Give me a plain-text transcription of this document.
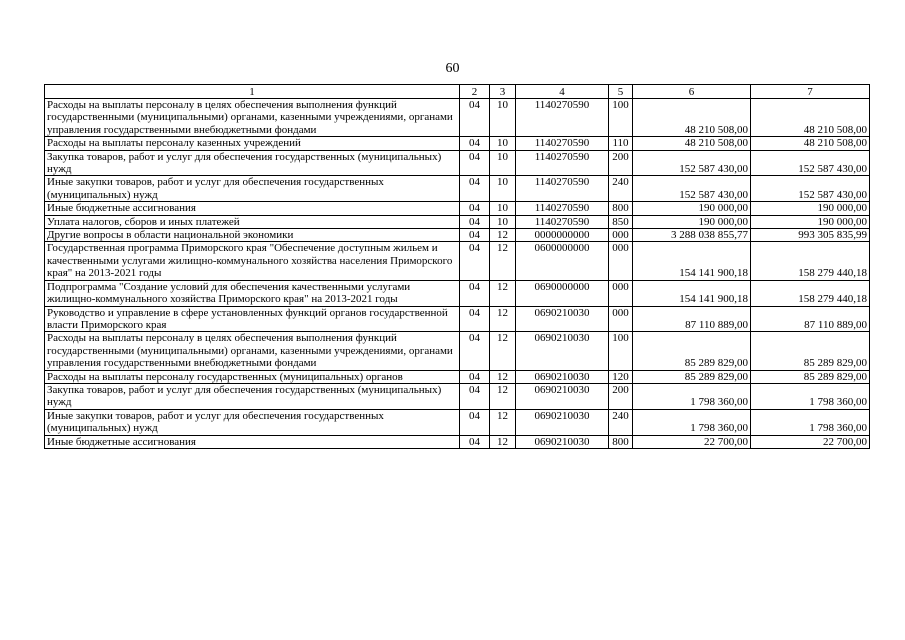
60
1	2	3	4	5	6	7
Расходы на выплаты персоналу в целях обеспечения выполнения функций государственными (муниципальными) органами, казенными учреждениями, органами управления государственными внебюджетными фондами	04	10	1140270590	100	48 210 508,00	48 210 508,00
Расходы на выплаты персоналу казенных учреждений	04	10	1140270590	110	48 210 508,00	48 210 508,00
Закупка товаров, работ и услуг для обеспечения государственных (муниципальных) нужд	04	10	1140270590	200	152 587 430,00	152 587 430,00
Иные закупки товаров, работ и услуг для обеспечения государственных (муниципальных) нужд	04	10	1140270590	240	152 587 430,00	152 587 430,00
Иные бюджетные ассигнования	04	10	1140270590	800	190 000,00	190 000,00
Уплата налогов, сборов и иных платежей	04	10	1140270590	850	190 000,00	190 000,00
Другие вопросы в области национальной экономики	04	12	0000000000	000	3 288 038 855,77	993 305 835,99
Государственная программа Приморского края "Обеспечение доступным жильем и качественными услугами жилищно-коммунального хозяйства населения Приморского края" на 2013-2021 годы	04	12	0600000000	000	154 141 900,18	158 279 440,18
Подпрограмма "Создание условий для обеспечения качественными услугами жилищно-коммунального хозяйства Приморского края" на 2013-2021 годы	04	12	0690000000	000	154 141 900,18	158 279 440,18
Руководство и управление в сфере установленных функций органов государственной власти Приморского края	04	12	0690210030	000	87 110 889,00	87 110 889,00
Расходы на выплаты персоналу в целях обеспечения выполнения функций государственными (муниципальными) органами, казенными учреждениями, органами управления государственными внебюджетными фондами	04	12	0690210030	100	85 289 829,00	85 289 829,00
Расходы на выплаты персоналу государственных (муниципальных) органов	04	12	0690210030	120	85 289 829,00	85 289 829,00
Закупка товаров, работ и услуг для обеспечения государственных (муниципальных) нужд	04	12	0690210030	200	1 798 360,00	1 798 360,00
Иные закупки товаров, работ и услуг для обеспечения государственных (муниципальных) нужд	04	12	0690210030	240	1 798 360,00	1 798 360,00
Иные бюджетные ассигнования	04	12	0690210030	800	22 700,00	22 700,00
